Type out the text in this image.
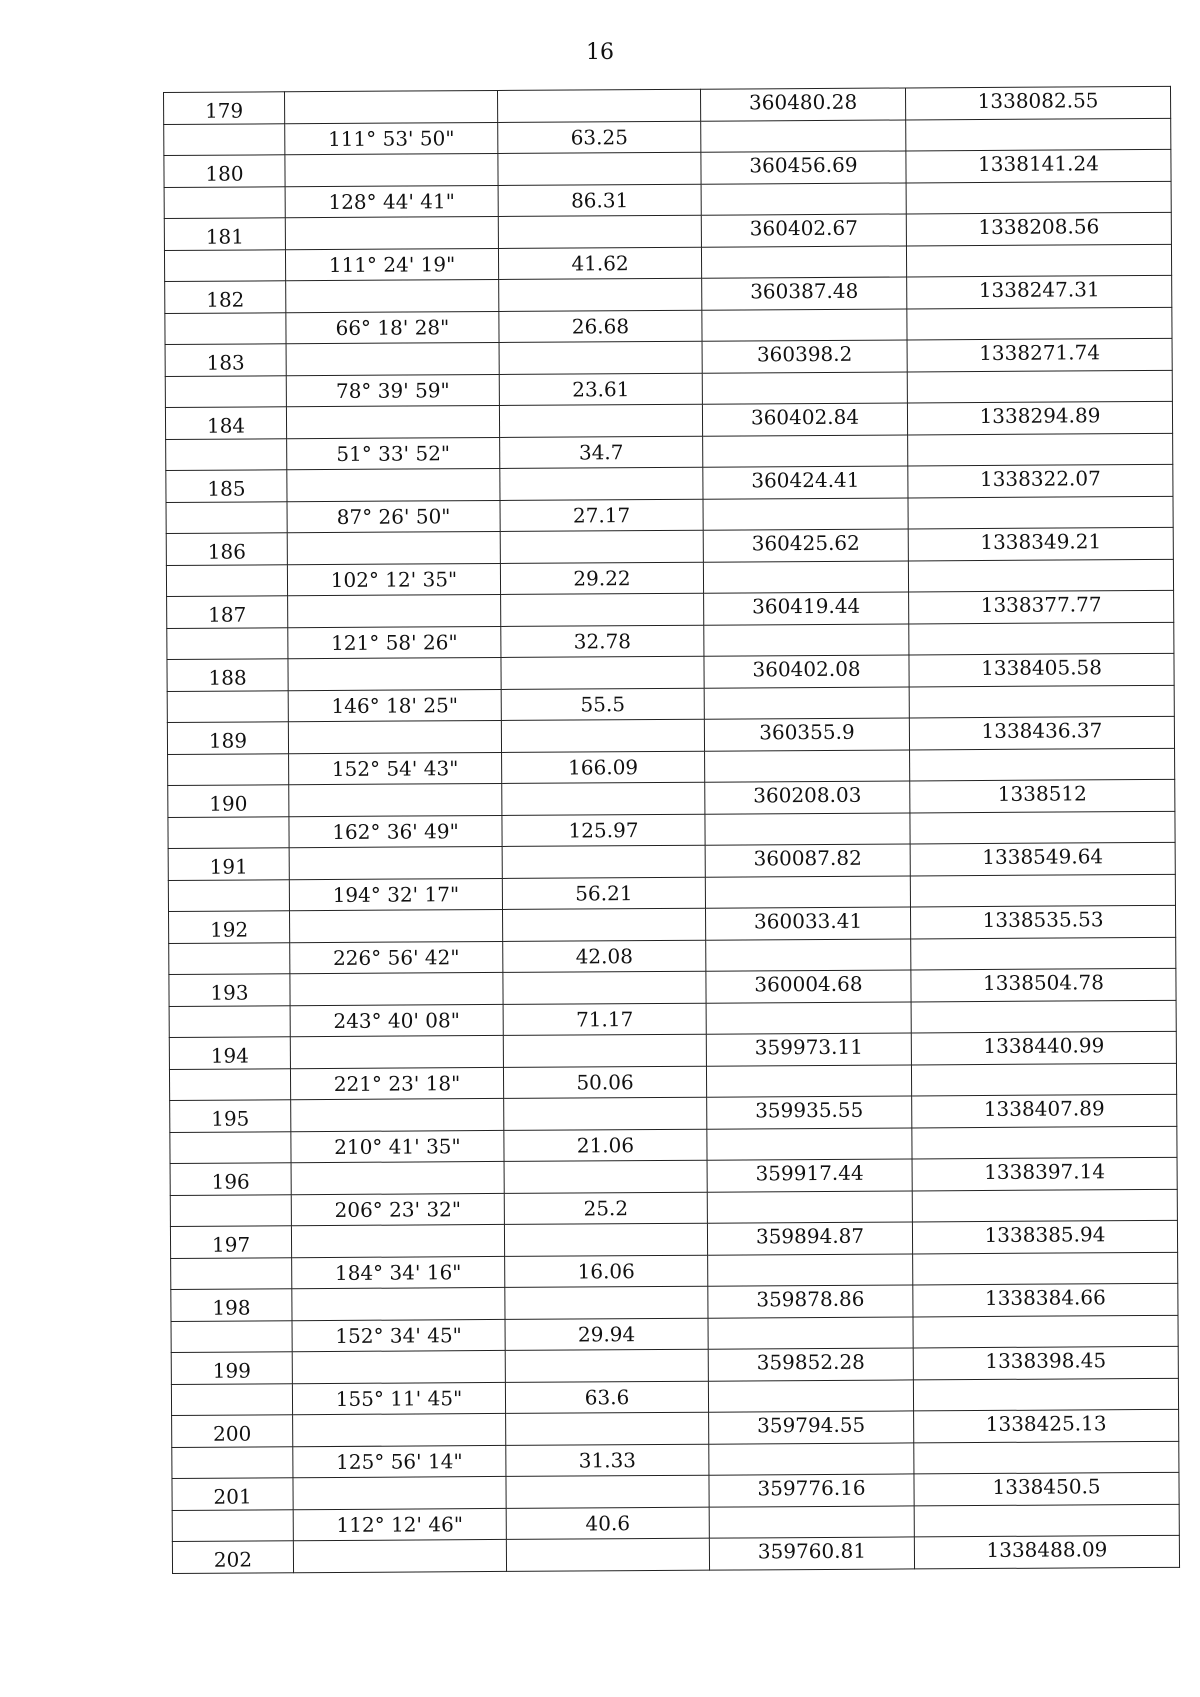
16
179			360480.28	1338082.55
	111° 53' 50"	63.25		
180			360456.69	1338141.24
	128° 44' 41"	86.31		
181			360402.67	1338208.56
	111° 24' 19"	41.62		
182			360387.48	1338247.31
	66° 18' 28"	26.68		
183			360398.2	1338271.74
	78° 39' 59"	23.61		
184			360402.84	1338294.89
	51° 33' 52"	34.7		
185			360424.41	1338322.07
	87° 26' 50"	27.17		
186			360425.62	1338349.21
	102° 12' 35"	29.22		
187			360419.44	1338377.77
	121° 58' 26"	32.78		
188			360402.08	1338405.58
	146° 18' 25"	55.5		
189			360355.9	1338436.37
	152° 54' 43"	166.09		
190			360208.03	1338512
	162° 36' 49"	125.97		
191			360087.82	1338549.64
	194° 32' 17"	56.21		
192			360033.41	1338535.53
	226° 56' 42"	42.08		
193			360004.68	1338504.78
	243° 40' 08"	71.17		
194			359973.11	1338440.99
	221° 23' 18"	50.06		
195			359935.55	1338407.89
	210° 41' 35"	21.06		
196			359917.44	1338397.14
	206° 23' 32"	25.2		
197			359894.87	1338385.94
	184° 34' 16"	16.06		
198			359878.86	1338384.66
	152° 34' 45"	29.94		
199			359852.28	1338398.45
	155° 11' 45"	63.6		
200			359794.55	1338425.13
	125° 56' 14"	31.33		
201			359776.16	1338450.5
	112° 12' 46"	40.6		
202			359760.81	1338488.09
